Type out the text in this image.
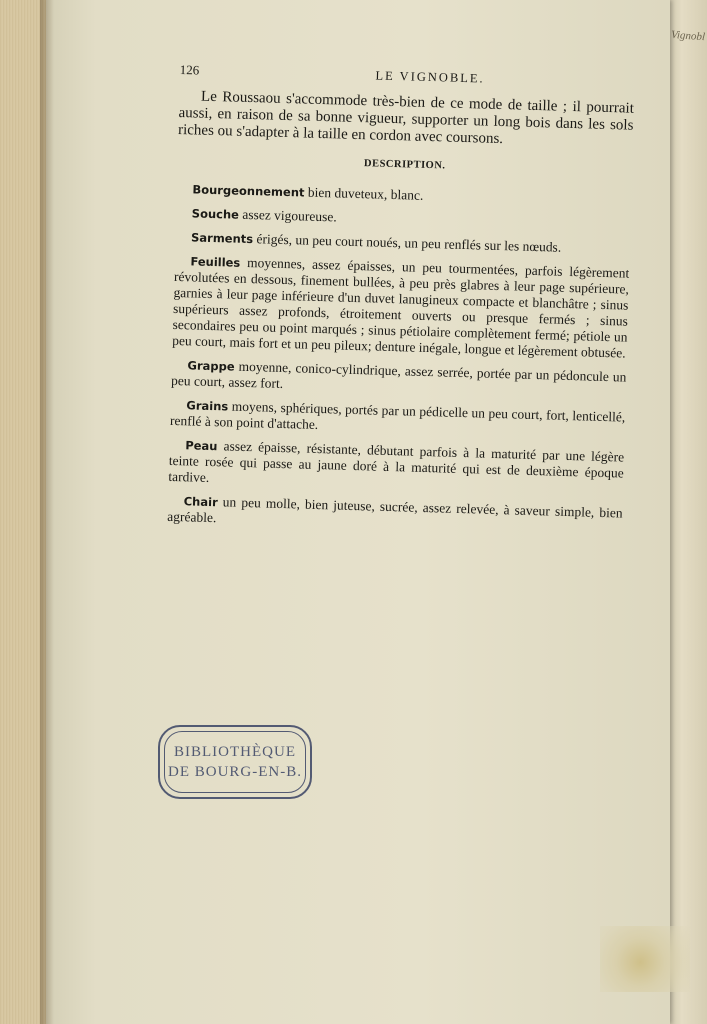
Vignobl
126	LE VIGNOBLE.

Le Roussaou s'accommode très-bien de ce mode de taille ; il pourrait aussi, en raison de sa bonne vigueur, supporter un long bois dans les sols riches ou s'adapter à la taille en cordon avec coursons.

DESCRIPTION.

Bourgeonnement bien duveteux, blanc.

Souche assez vigoureuse.

Sarments érigés, un peu court noués, un peu renflés sur les nœuds.

Feuilles moyennes, assez épaisses, un peu tourmentées, parfois légèrement révolutées en dessous, finement bullées, à peu près glabres à leur page supérieure, garnies à leur page inférieure d'un duvet lanugineux compacte et blanchâtre ; sinus supérieurs assez profonds, étroitement ouverts ou presque fermés ; sinus secondaires peu ou point marqués ; sinus pétiolaire complètement fermé; pétiole un peu court, mais fort et un peu pileux; denture inégale, longue et légèrement obtusée.

Grappe moyenne, conico-cylindrique, assez serrée, portée par un pédoncule un peu court, assez fort.

Grains moyens, sphériques, portés par un pédicelle un peu court, fort, lenticellé, renflé à son point d'attache.

Peau assez épaisse, résistante, débutant parfois à la maturité par une légère teinte rosée qui passe au jaune doré à la maturité qui est de deuxième époque tardive.

Chair un peu molle, bien juteuse, sucrée, assez relevée, à saveur simple, bien agréable.

BIBLIOTHÈQUE
DE BOURG-EN-B.
